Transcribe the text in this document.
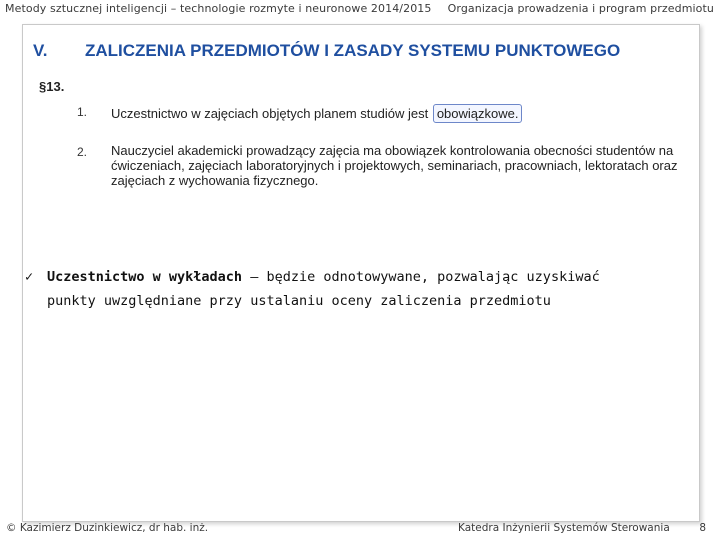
Metody sztucznej inteligencji – technologie rozmyte i neuronowe 2014/2015 Organizacja prowadzenia i program przedmiotu
V. ZALICZENIA PRZEDMIOTÓW I ZASADY SYSTEMU PUNKTOWEGO
§13.
1. Uczestnictwo w zajęciach objętych planem studiów jest obowiązkowe.
2. Nauczyciel akademicki prowadzący zajęcia ma obowiązek kontrolowania obecności studentów na ćwiczeniach, zajęciach laboratoryjnych i projektowych, seminariach, pracowniach, lektoratach oraz zajęciach z wychowania fizycznego.
✓ Uczestnictwo w wykładach – będzie odnotowywane, pozwalając uzyskiwać
punkty uwzględniane przy ustalaniu oceny zaliczenia przedmiotu
© Kazimierz Duzinkiewicz, dr hab. inż.	Katedra Inżynierii Systemów Sterowania	8
